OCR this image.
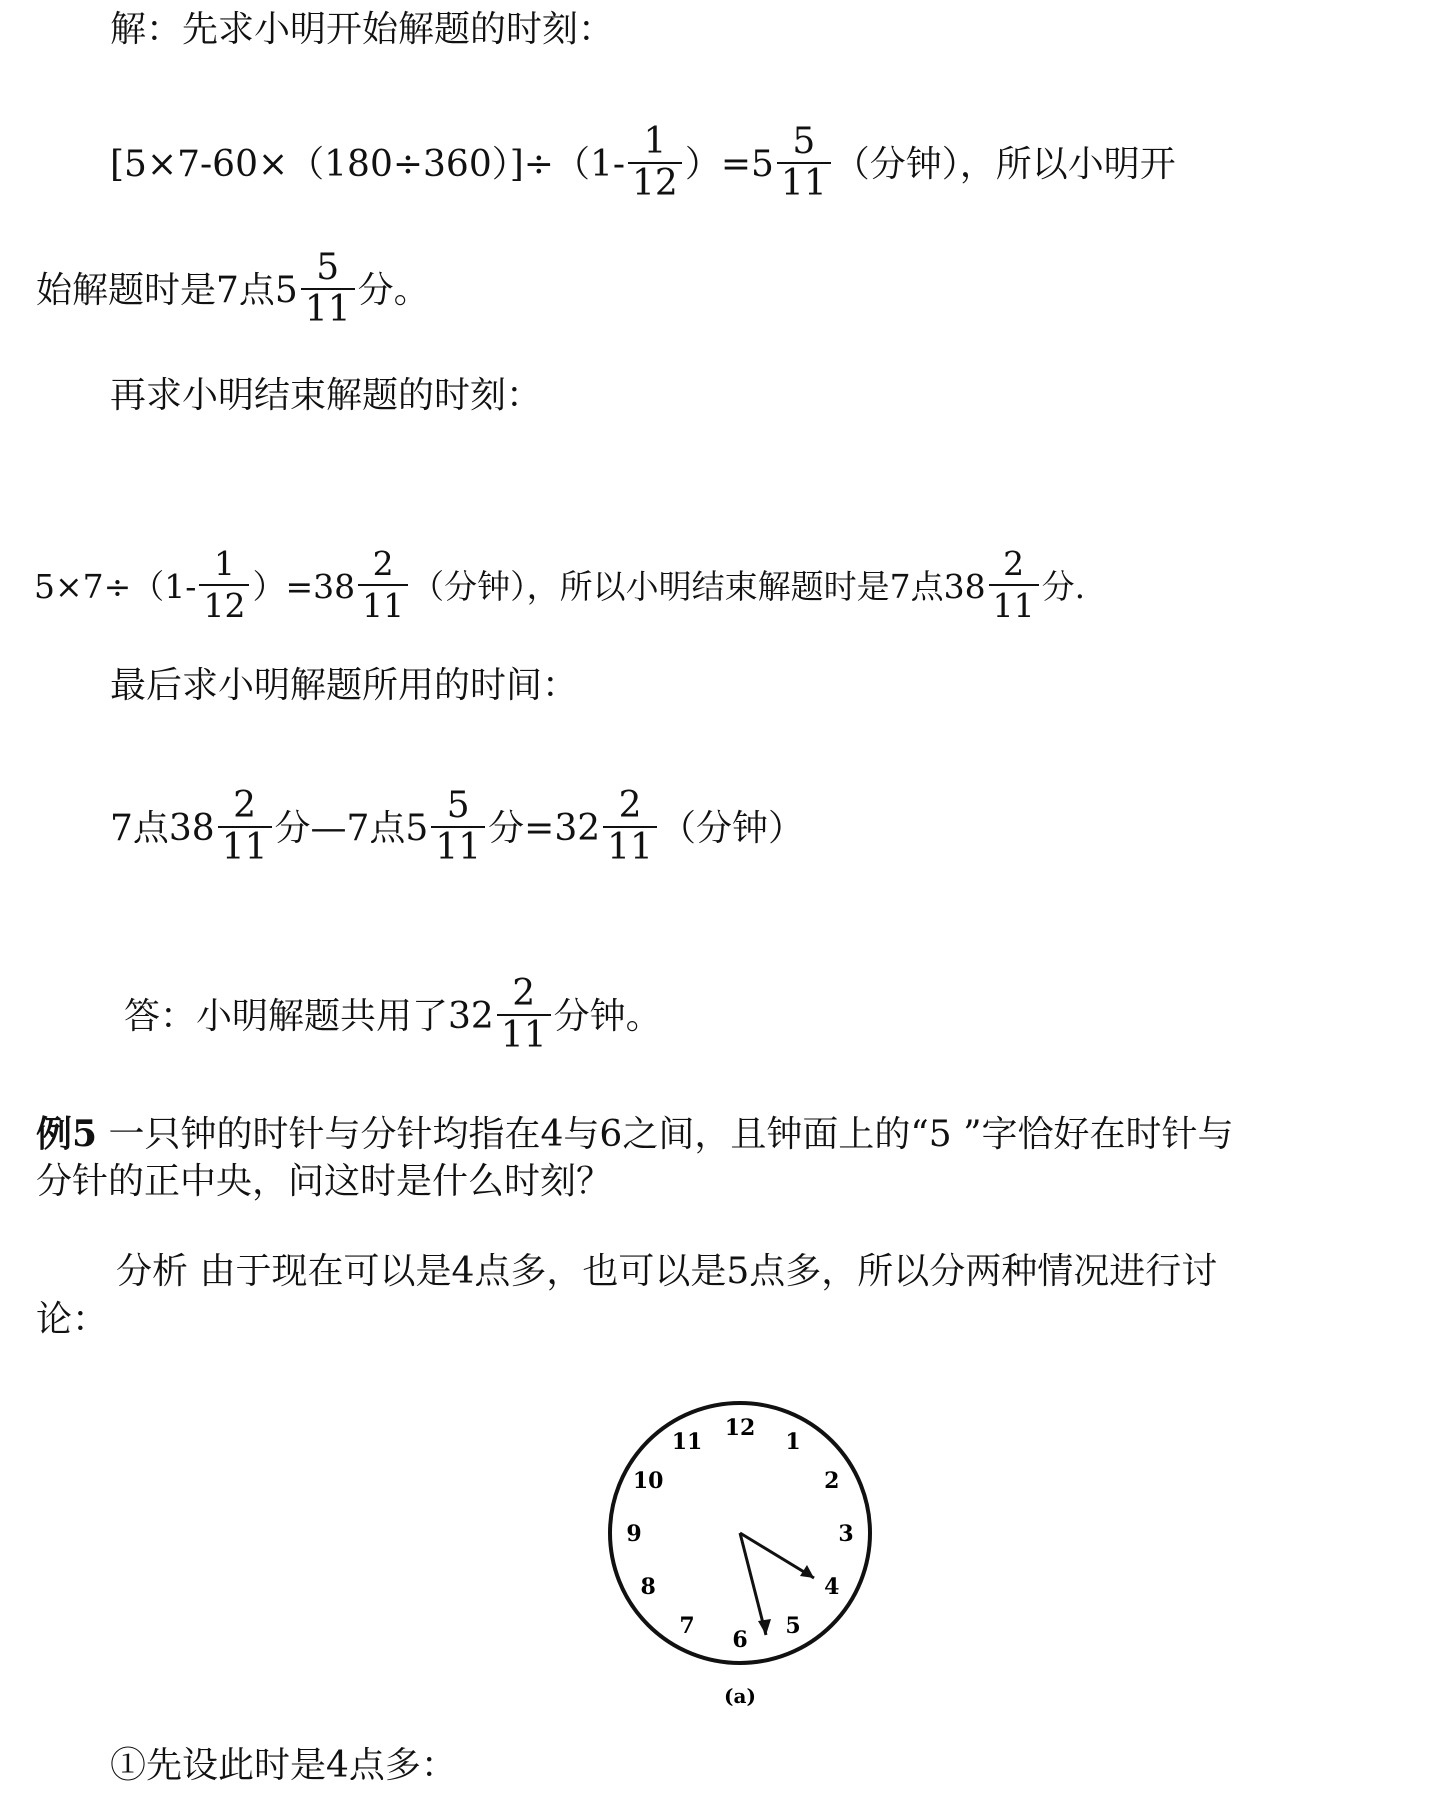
解：先求小明开始解题的时刻：
$[5\times 7-60\times(180\div 360)]\div(1- \frac{1}{12} )=5 \frac{5}{11}$ （分钟），所以小明开
始解题时是7点$5 \frac{5}{11}$ 分。
再求小明结束解题的时刻：
$5\times 7\div(1- \frac{1}{12} )=38 \frac{2}{11}$ （分钟），所以小明结束解题时是7点$38 \frac{2}{11}$ 分.
最后求小明解题所用的时间：
7点$38 \frac{2}{11}$ 分—7点$5 \frac{5}{11}$ 分$=32 \frac{2}{11}$ （分钟）
答：小明解题共用了$32 \frac{2}{11}$ 分钟。
例5 一只钟的时针与分针均指在4与6之间，且钟面上的“5 ”字恰好在时针与
分针的正中央，问这时是什么时刻？
分析 由于现在可以是4点多，也可以是5点多，所以分两种情况进行讨
论：
12
1
2
3
4
5
6
7
8
9
10
11
(a)
①先设此时是4点多：
